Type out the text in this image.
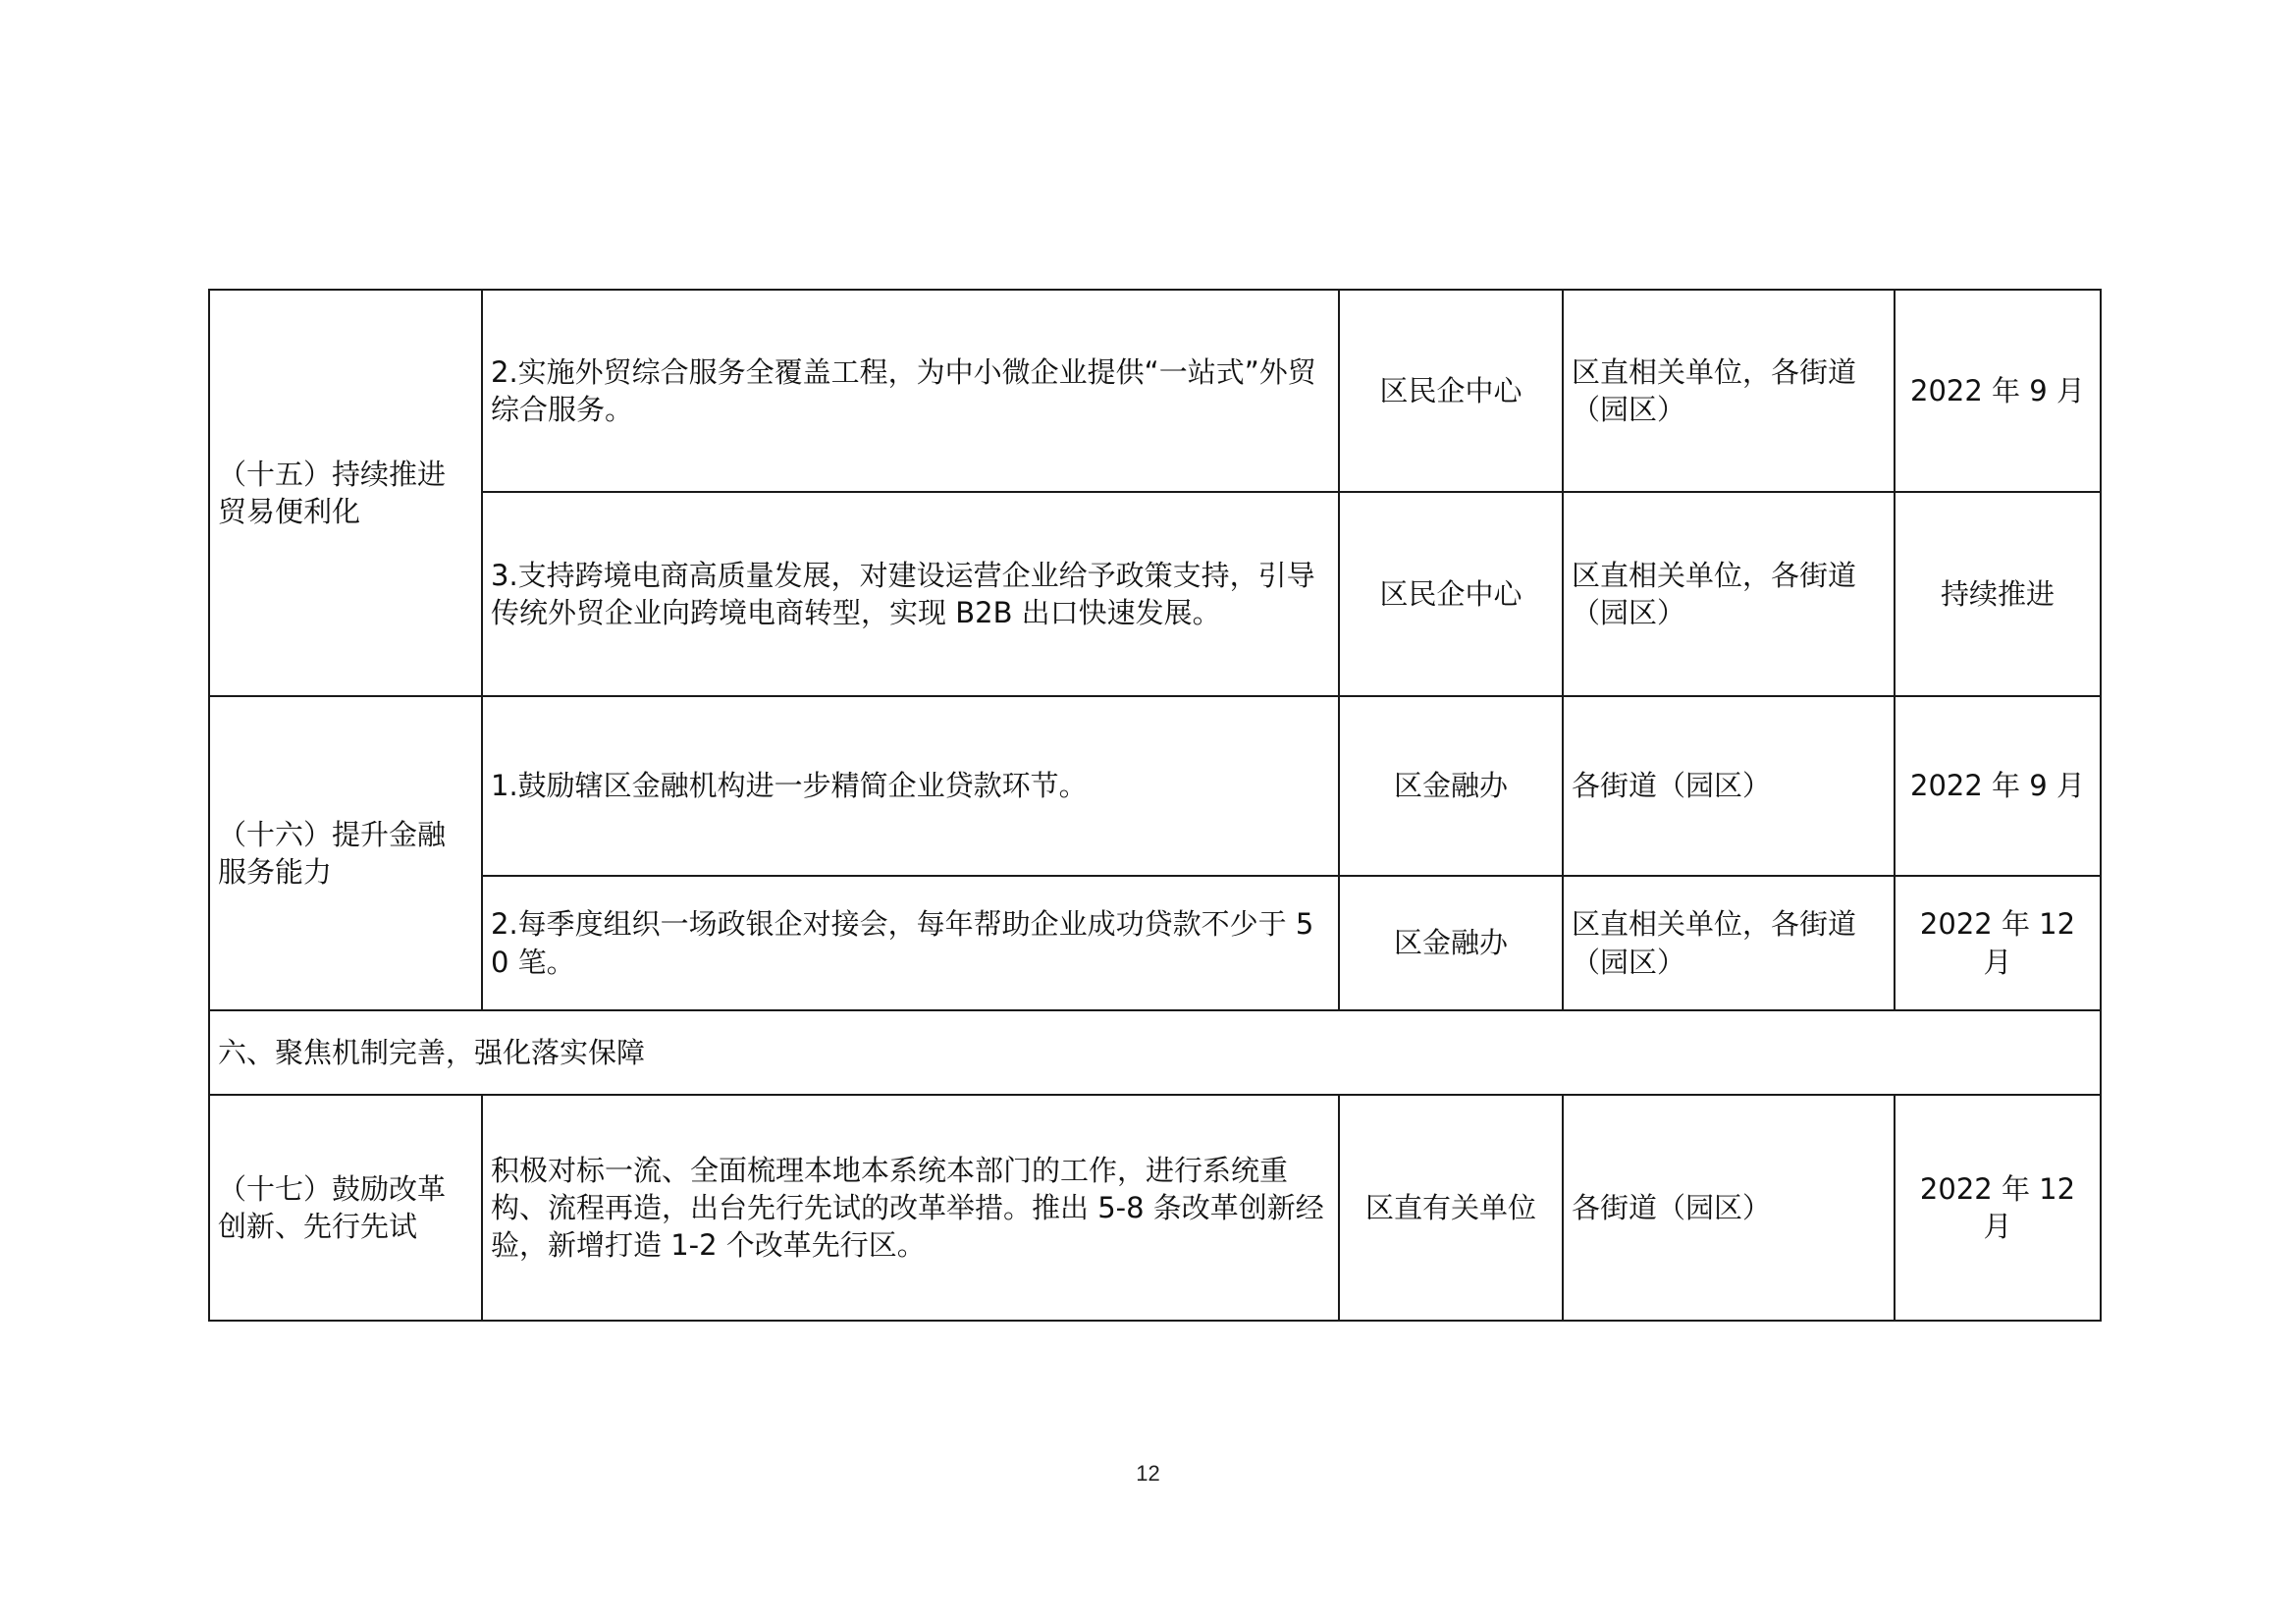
（十五）持续推进贸易便利化	2.实施外贸综合服务全覆盖工程，为中小微企业提供“一站式”外贸综合服务。	区民企中心	区直相关单位，各街道（园区）	2022 年 9 月
	3.支持跨境电商高质量发展，对建设运营企业给予政策支持，引导传统外贸企业向跨境电商转型，实现 B2B 出口快速发展。	区民企中心	区直相关单位，各街道（园区）	持续推进
（十六）提升金融服务能力	1.鼓励辖区金融机构进一步精简企业贷款环节。	区金融办	各街道（园区）	2022 年 9 月
	2.每季度组织一场政银企对接会，每年帮助企业成功贷款不少于 50 笔。	区金融办	区直相关单位，各街道（园区）	2022 年 12 月
六、聚焦机制完善，强化落实保障				
（十七）鼓励改革创新、先行先试	积极对标一流、全面梳理本地本系统本部门的工作，进行系统重构、流程再造，出台先行先试的改革举措。推出 5-8 条改革创新经验，新增打造 1-2 个改革先行区。	区直有关单位	各街道（园区）	2022 年 12 月
12
